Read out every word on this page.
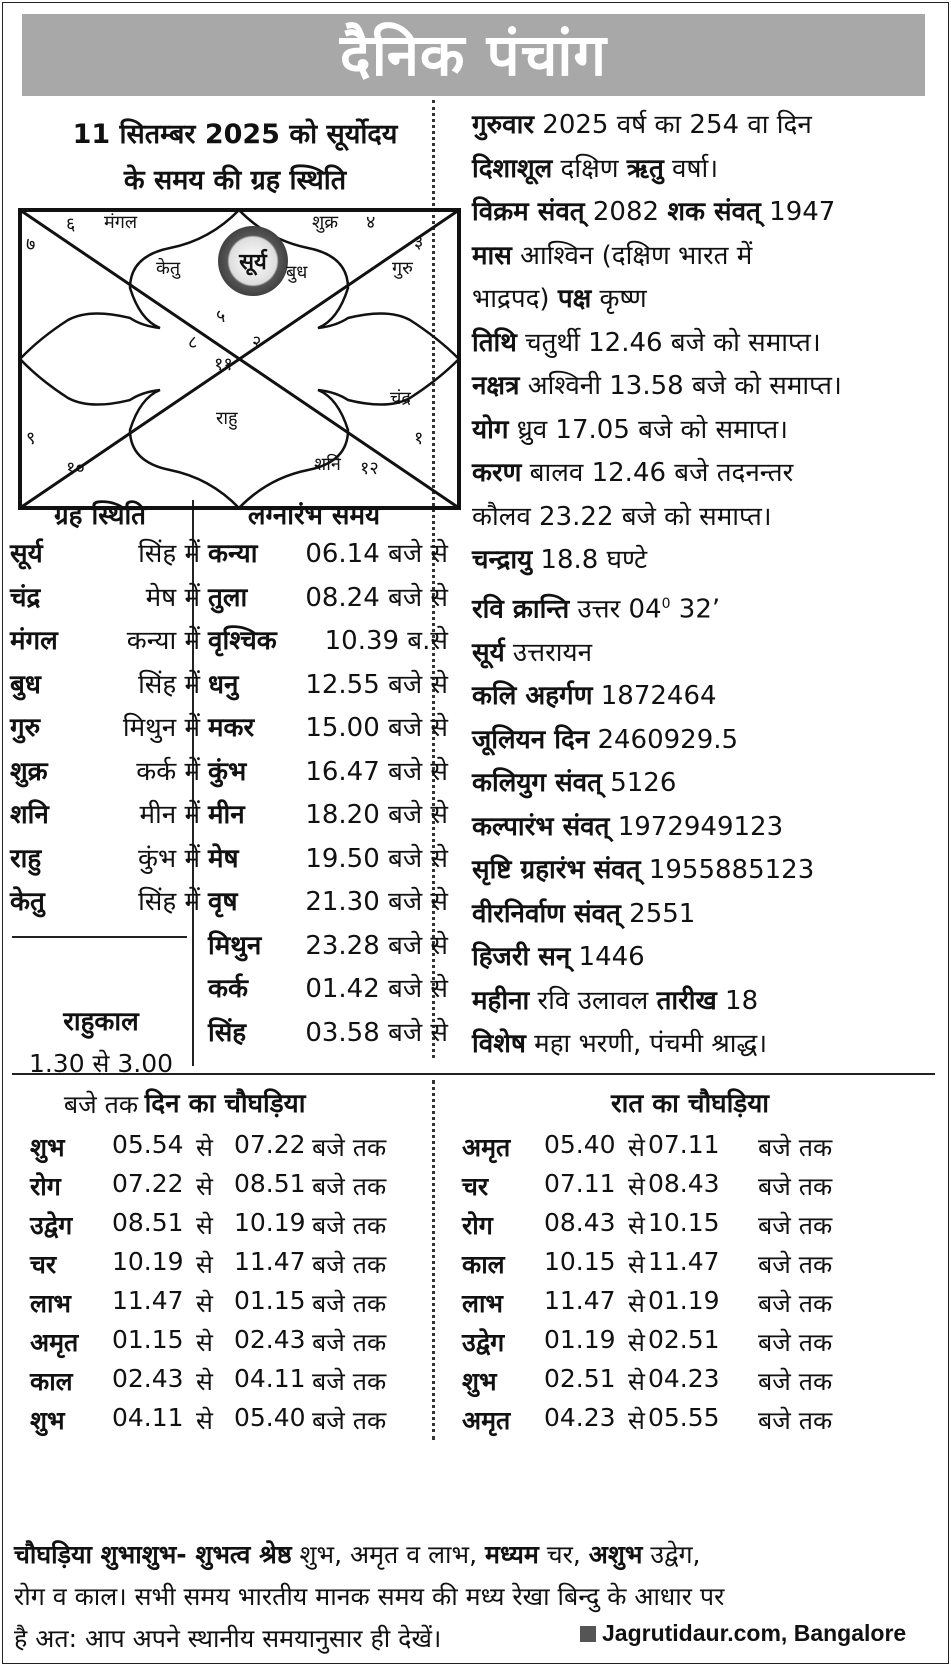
दैनिक पंचांग
11 सितम्बर 2025 को सूर्योदय
के समय की ग्रह स्थिति
सूर्य
६ मंगल	शुक्र ४
७	३
केतु	बुध	गुरु
५
८	२
११
चंद्र
राहु
९	१
१०	शनि १२
ग्रह स्थिति
सूर्य	सिंह में
चंद्र	मेष में
मंगल	कन्या में
बुध	सिंह में
गुरु	मिथुन में
शुक्र	कर्क में
शनि	मीन में
राहु	कुंभ में
केतु	सिंह में
राहुकाल
1.30 से 3.00
बजे तक
लग्नारंभ समय
कन्या 06.14 बजे से
तुला 08.24 बजे से
वृश्चिक 10.39 ब.से
धनु	12.55 बजे से
मकर 15.00 बजे से
कुंभ 16.47 बजे से
मीन 18.20 बजे से
मेष	19.50 बजे से
वृष	21.30 बजे से
मिथुन 23.28 बजे से
कर्क 01.42 बजे से
सिंह 03.58 बजे से
गुरुवार 2025 वर्ष का 254 वा दिन
दिशाशूल दक्षिण ऋतु वर्षा।
विक्रम संवत् 2082 शक संवत् 1947
मास आश्विन (दक्षिण भारत में
भाद्रपद) पक्ष कृष्ण
तिथि चतुर्थी 12.46 बजे को समाप्त।
नक्षत्र अश्विनी 13.58 बजे को समाप्त।
योग ध्रुव 17.05 बजे को समाप्त।
करण बालव 12.46 बजे तदनन्तर
कौलव 23.22 बजे को समाप्त।
चन्द्रायु 18.8 घण्टे
रवि क्रान्ति उत्तर $04^0$ 32’
सूर्य उत्तरायन
कलि अहर्गण 1872464
जूलियन दिन 2460929.5
कलियुग संवत् 5126
कल्पारंभ संवत् 1972949123
सृष्टि ग्रहारंभ संवत् 1955885123
वीरनिर्वाण संवत् 2551
हिजरी सन् 1446
महीना रवि उलावल तारीख 18
विशेष महा भरणी, पंचमी श्राद्ध।
दिन का चौघड़िया	रात का चौघड़िया
शुभ 05.54 से 07.22 बजे तक
रोग 07.22 से 08.51 बजे तक
उद्वेग 08.51 से 10.19 बजे तक
चर 10.19 से 11.47 बजे तक
लाभ 11.47 से 01.15 बजे तक
अमृत 01.15 से 02.43 बजे तक
काल 02.43 से 04.11 बजे तक
शुभ 04.11 से 05.40 बजे तक
अमृत 05.40 से 07.11 बजे तक
चर 07.11 से 08.43 बजे तक
रोग 08.43 से 10.15 बजे तक
काल 10.15 से 11.47 बजे तक
लाभ 11.47 से 01.19 बजे तक
उद्वेग 01.19 से 02.51 बजे तक
शुभ 02.51 से 04.23 बजे तक
अमृत 04.23 से 05.55 बजे तक
चौघड़िया शुभाशुभ- शुभत्व श्रेष्ठ शुभ, अमृत व लाभ, मध्यम चर, अशुभ उद्वेग,
रोग व काल। सभी समय भारतीय मानक समय की मध्य रेखा बिन्दु के आधार पर
है अत: आप अपने स्थानीय समयानुसार ही देखें।	Jagrutidaur.com, Bangalore
